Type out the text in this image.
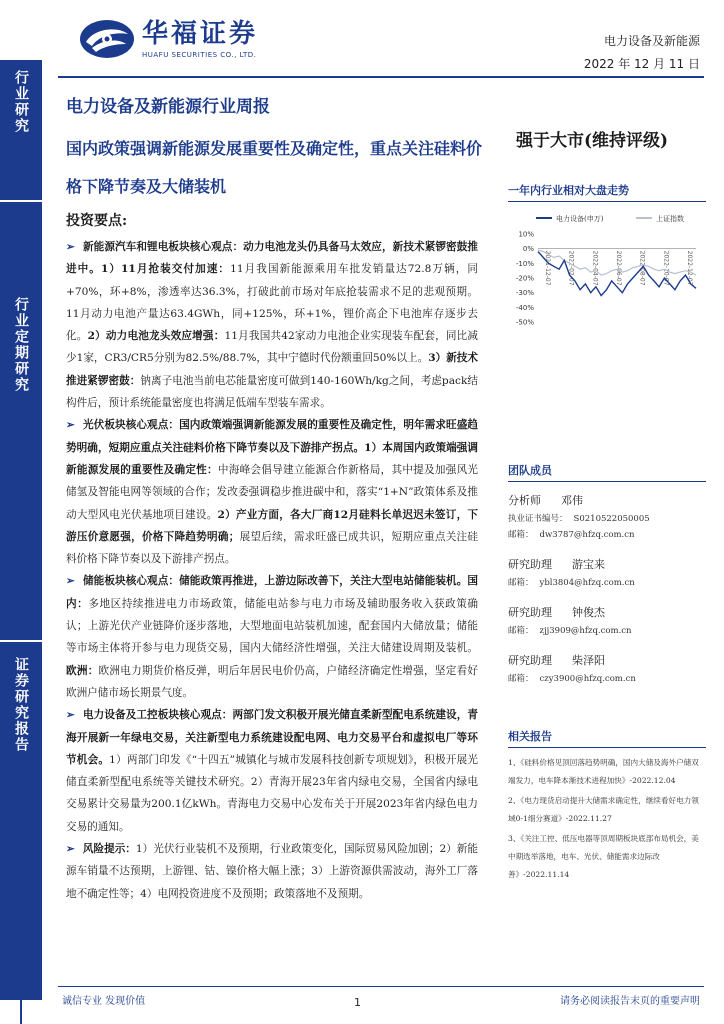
行业研究
行业定期研究
证券研究报告
华福证券
HUAFU SECURITIES CO., LTD.
电力设备及新能源
2022 年 12 月 11 日
电力设备及新能源行业周报
国内政策强调新能源发展重要性及确定性，重点关注硅料价格下降节奏及大储装机
投资要点:
➢ 新能源汽车和锂电板块核心观点：动力电池龙头仍具备马太效应，新技术紧锣密鼓推进中。1）11月抢装交付加速：11月我国新能源乘用车批发销量达72.8万辆，同+70%，环+8%，渗透率达36.3%，打破此前市场对年底抢装需求不足的悲观预期。11月动力电池产量达63.4GWh，同+125%，环+1%，锂价高企下电池库存逐步去化。2）动力电池龙头效应增强：11月我国共42家动力电池企业实现装车配套，同比减少1家，CR3/CR5分别为82.5%/88.7%，其中宁德时代份额重回50%以上。3）新技术推进紧锣密鼓：钠离子电池当前电芯能量密度可做到140-160Wh/kg之间，考虑pack结构件后，预计系统能量密度也将满足低端车型装车需求。
➢ 光伏板块核心观点：国内政策端强调新能源发展的重要性及确定性，明年需求旺盛趋势明确，短期应重点关注硅料价格下降节奏以及下游排产拐点。1）本周国内政策端强调新能源发展的重要性及确定性：中海峰会倡导建立能源合作新格局，其中提及加强风光储氢及智能电网等领域的合作；发改委强调稳步推进碳中和，落实“1+N”政策体系及推动大型风电光伏基地项目建设。2）产业方面，各大厂商12月硅料长单迟迟未签订，下游压价意愿强，价格下降趋势明确；展望后续，需求旺盛已成共识，短期应重点关注硅料价格下降节奏以及下游排产拐点。
➢ 储能板块核心观点：储能政策再推进，上游边际改善下，关注大型电站储能装机。国内：多地区持续推进电力市场政策，储能电站参与电力市场及辅助服务收入获政策确认；上游光伏产业链降价逐步落地，大型地面电站装机加速，配套国内大储放量；储能等市场主体将开参与电力现货交易，国内大储经济性增强，关注大储建设周期及装机。欧洲：欧洲电力期货价格反弹，明后年居民电价仍高，户储经济确定性增强，坚定看好欧洲户储市场长期景气度。
➢ 电力设备及工控板块核心观点：两部门发文积极开展光储直柔新型配电系统建设，青海开展新一年绿电交易，关注新型电力系统建设配电网、电力交易平台和虚拟电厂等环节机会。1）两部门印发《“十四五”城镇化与城市发展科技创新专项规划》，积极开展光储直柔新型配电系统等关键技术研究。2）青海开展23年省内绿电交易，全国省内绿电交易累计交易量为200.1亿kWh。青海电力交易中心发布关于开展2023年省内绿色电力交易的通知。
➢ 风险提示：1）光伏行业装机不及预期，行业政策变化，国际贸易风险加剧；2）新能源车销量不达预期，上游锂、钴、镍价格大幅上涨；3）上游资源供需波动，海外工厂落地不确定性等；4）电网投资进度不及预期；政策落地不及预期。
强于大市(维持评级)
一年内行业相对大盘走势
电力设备(申万)	上证指数
10%
0%
-10%
-20%
-30%
-40%
-50%
2021-12-07	2022-02-07	2022-04-07	2022-06-07	2022-08-07	2022-10-07	2022-12-07
团队成员
分析师 邓伟
执业证书编号： S0210522050005
邮箱： dw3787@hfzq.com.cn
研究助理 游宝来
邮箱： ybl3804@hfzq.com.cn
研究助理 钟俊杰
邮箱： zjj3909@hfzq.com.cn
研究助理 柴泽阳
邮箱： czy3900@hfzq.com.cn
相关报告
1、《硅料价格见顶回落趋势明确，国内大储及海外户储双端发力，电车降本渐技术进程加快》-2022.12.04
2、《电力现货启动提升大储需求确定性，继续看好电力领域0-1细分赛道》-2022.11.27
3、《关注工控、低压电器等顶周期板块底部布局机会，美中期选举落地，电车、光伏、储能需求边际改善》-2022.11.14
诚信专业 发现价值	1	请务必阅读报告末页的重要声明
